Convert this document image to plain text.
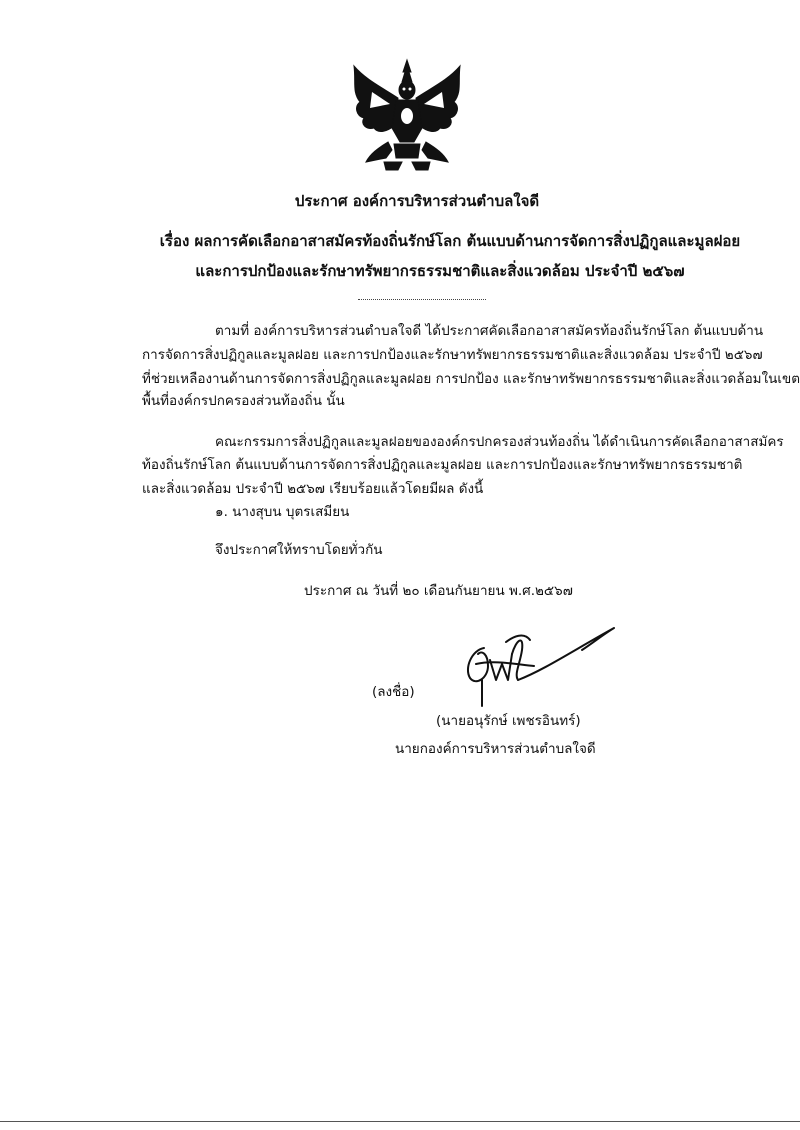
ประกาศ องค์การบริหารส่วนตำบลใจดี
เรื่อง ผลการคัดเลือกอาสาสมัครท้องถิ่นรักษ์โลก ต้นแบบด้านการจัดการสิ่งปฏิกูลและมูลฝอย
และการปกป้องและรักษาทรัพยากรธรรมชาติและสิ่งแวดล้อม ประจำปี ๒๕๖๗
ตามที่ องค์การบริหารส่วนตำบลใจดี ได้ประกาศคัดเลือกอาสาสมัครท้องถิ่นรักษ์โลก ต้นแบบด้าน
การจัดการสิ่งปฏิกูลและมูลฝอย และการปกป้องและรักษาทรัพยากรธรรมชาติและสิ่งแวดล้อม ประจำปี ๒๕๖๗
ที่ช่วยเหลืองานด้านการจัดการสิ่งปฏิกูลและมูลฝอย การปกป้อง และรักษาทรัพยากรธรรมชาติและสิ่งแวดล้อมในเขต
พื้นที่องค์กรปกครองส่วนท้องถิ่น นั้น
คณะกรรมการสิ่งปฏิกูลและมูลฝอยขององค์กรปกครองส่วนท้องถิ่น ได้ดำเนินการคัดเลือกอาสาสมัคร
ท้องถิ่นรักษ์โลก ต้นแบบด้านการจัดการสิ่งปฏิกูลและมูลฝอย และการปกป้องและรักษาทรัพยากรธรรมชาติ
และสิ่งแวดล้อม ประจำปี ๒๕๖๗ เรียบร้อยแล้วโดยมีผล ดังนี้
๑. นางสุบน บุตรเสมียน
จึงประกาศให้ทราบโดยทั่วกัน
ประกาศ ณ วันที่ ๒๐ เดือนกันยายน พ.ศ.๒๕๖๗
(ลงชื่อ)
(นายอนุรักษ์ เพชรอินทร์)
นายกองค์การบริหารส่วนตำบลใจดี
